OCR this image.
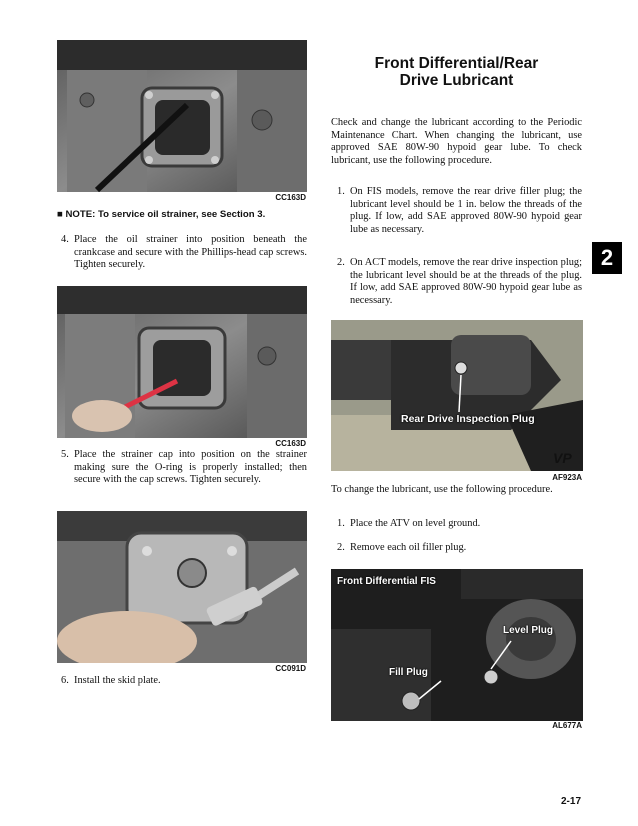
CC163D
■ NOTE: To service oil strainer, see Section 3.
4. Place the oil strainer into position beneath the crankcase and secure with the Phillips-head cap screws. Tighten securely.
CC163D
5. Place the strainer cap into position on the strainer making sure the O-ring is properly installed; then secure with the cap screws. Tighten securely.
CC091D
6. Install the skid plate.
Front Differential/Rear
Drive Lubricant
Check and change the lubricant according to the Periodic Maintenance Chart. When changing the lubricant, use approved SAE 80W-90 hypoid gear lube. To check lubricant, use the following procedure.
1. On FIS models, remove the rear drive filler plug; the lubricant level should be 1 in. below the threads of the plug. If low, add SAE approved 80W-90 hypoid gear lube as necessary.
2. On ACT models, remove the rear drive inspection plug; the lubricant level should be at the threads of the plug. If low, add SAE approved 80W-90 hypoid gear lube as necessary.
Rear Drive Inspection Plug
VP
AF923A
To change the lubricant, use the following procedure.
1. Place the ATV on level ground.
2. Remove each oil filler plug.
Front Differential FIS
Level Plug
Fill Plug
AL677A
2
2-17
